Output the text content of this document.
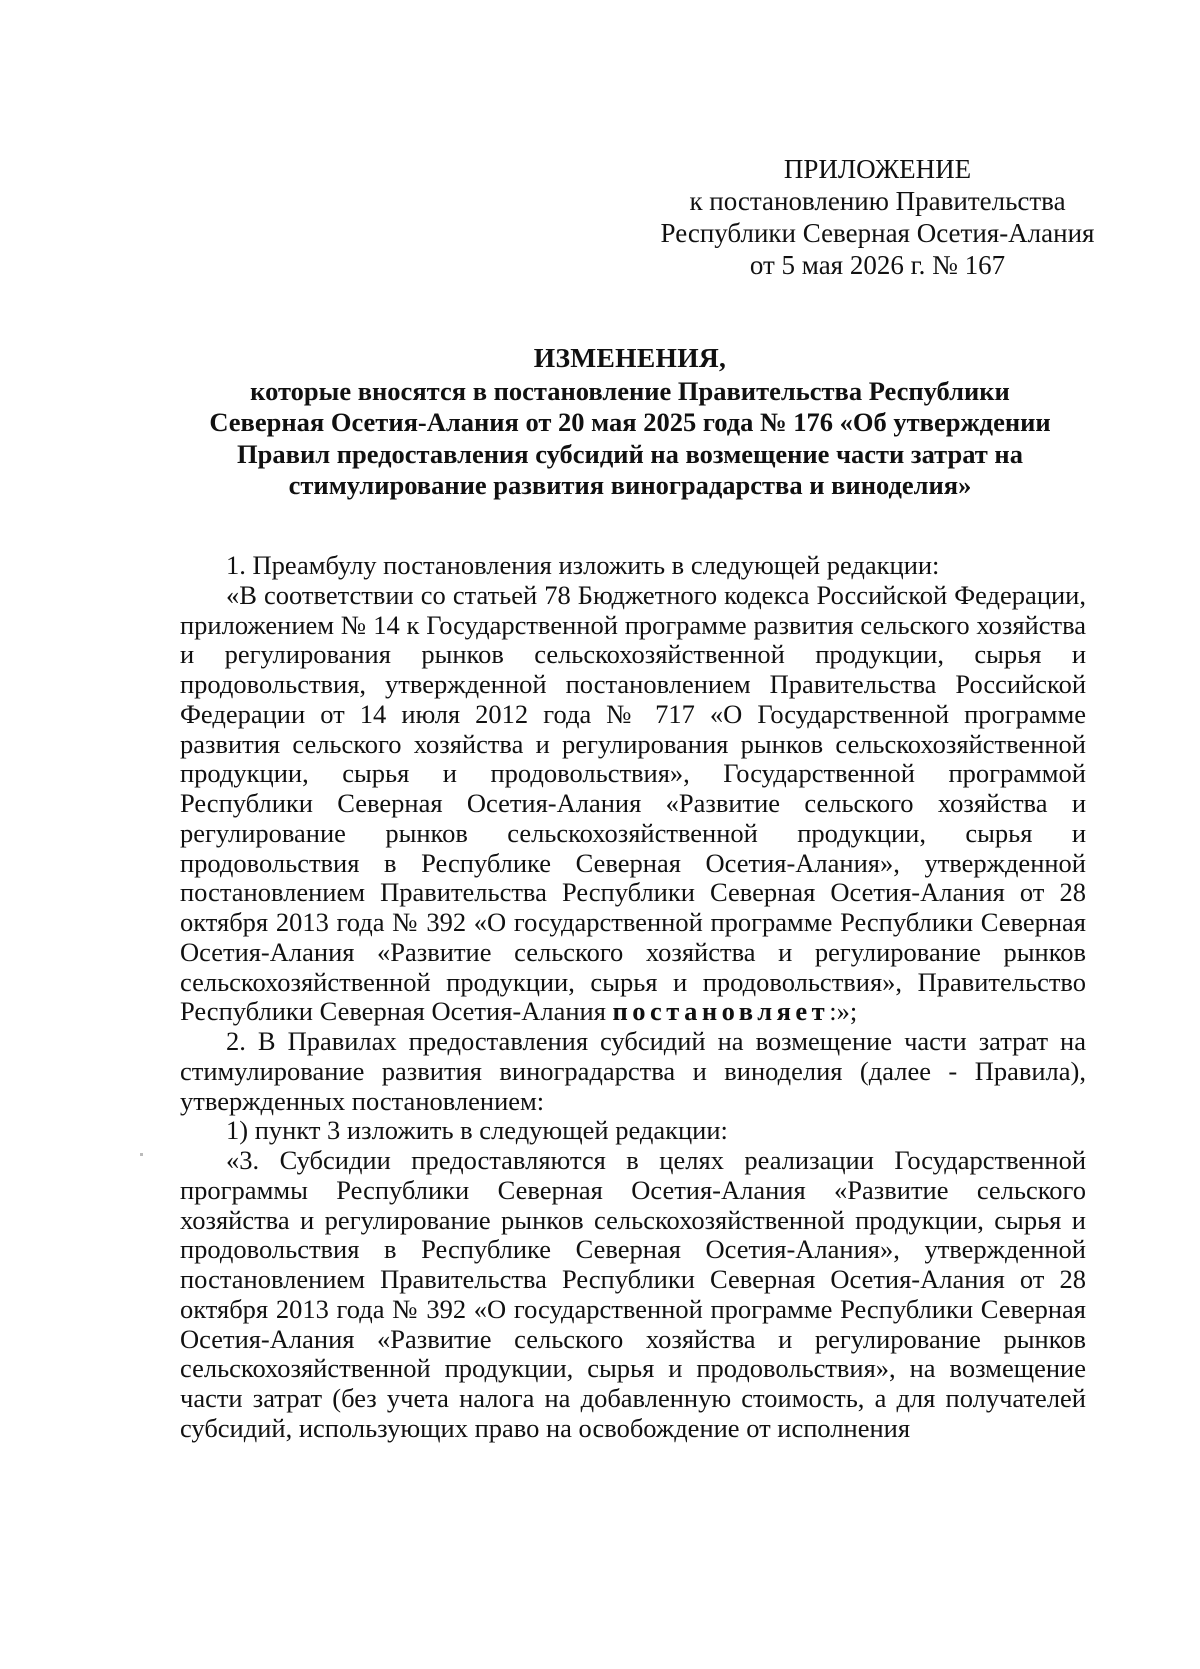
ПРИЛОЖЕНИЕ
к постановлению Правительства
Республики Северная Осетия-Алания
от 5 мая 2026 г. № 167
ИЗМЕНЕНИЯ,
которые вносятся в постановление Правительства Республики
Северная Осетия-Алания от 20 мая 2025 года № 176 «Об утверждении
Правил предоставления субсидий на возмещение части затрат на
стимулирование развития виноградарства и виноделия»

1. Преамбулу постановления изложить в следующей редакции:

«В соответствии со статьей 78 Бюджетного кодекса Российской Федерации, приложением № 14 к Государственной программе развития сельского хозяйства и регулирования рынков сельскохозяйственной продукции, сырья и продовольствия, утвержденной постановлением Правительства Российской Федерации от 14 июля 2012 года № 717 «О Государственной программе развития сельского хозяйства и регулирования рынков сельскохозяйственной продукции, сырья и продовольствия», Государственной программой Республики Северная Осетия-Алания «Развитие сельского хозяйства и регулирование рынков сельскохозяйственной продукции, сырья и продовольствия в Республике Северная Осетия-Алания», утвержденной постановлением Правительства Республики Северная Осетия-Алания от 28 октября 2013 года № 392 «О государственной программе Республики Северная Осетия-Алания «Развитие сельского хозяйства и регулирование рынков сельскохозяйственной продукции, сырья и продовольствия», Правительство Республики Северная Осетия-Алания постановляет:»;

2. В Правилах предоставления субсидий на возмещение части затрат на стимулирование развития виноградарства и виноделия (далее - Правила), утвержденных постановлением:

1) пункт 3 изложить в следующей редакции:

«3. Субсидии предоставляются в целях реализации Государственной программы Республики Северная Осетия-Алания «Развитие сельского хозяйства и регулирование рынков сельскохозяйственной продукции, сырья и продовольствия в Республике Северная Осетия-Алания», утвержденной постановлением Правительства Республики Северная Осетия-Алания от 28 октября 2013 года № 392 «О государственной программе Республики Северная Осетия-Алания «Развитие сельского хозяйства и регулирование рынков сельскохозяйственной продукции, сырья и продовольствия», на возмещение части затрат (без учета налога на добавленную стоимость, а для получателей субсидий, использующих право на освобождение от исполнения
